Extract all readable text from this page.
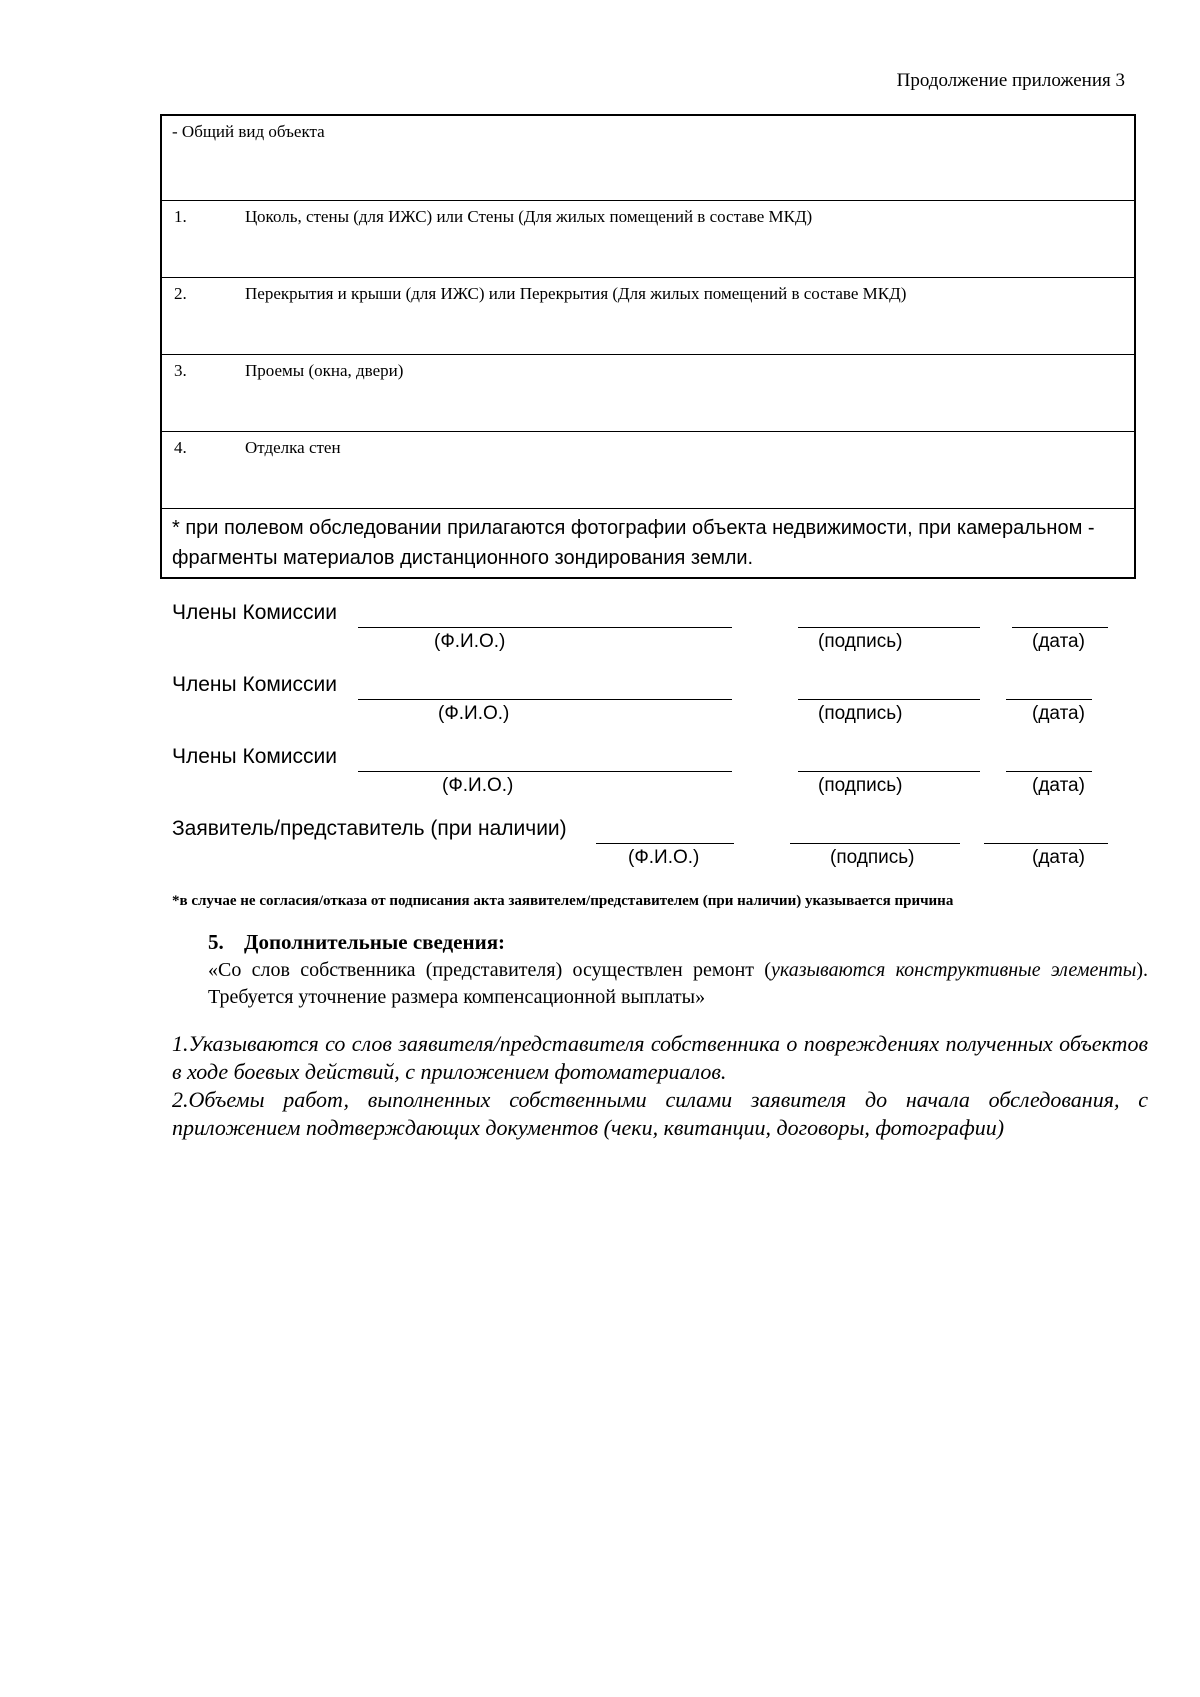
Продолжение приложения 3
- Общий вид объекта

1.	Цоколь, стены (для ИЖС) или Стены (Для жилых помещений в составе МКД)

2.	Перекрытия и крыши (для ИЖС) или Перекрытия (Для жилых помещений в составе МКД)

3.	Проемы (окна, двери)

4.	Отделка стен

* при полевом обследовании прилагаются фотографии объекта недвижимости, при камеральном - фрагменты материалов дистанционного зондирования земли.
Члены Комиссии
(Ф.И.О.)	(подпись)	(дата)
Члены Комиссии
(Ф.И.О.)	(подпись)	(дата)
Члены Комиссии
(Ф.И.О.)	(подпись)	(дата)
Заявитель/представитель (при наличии)
(Ф.И.О.)	(подпись)	(дата)
*в случае не согласия/отказа от подписания акта заявителем/представителем (при наличии) указывается причина
5. Дополнительные сведения:
«Со слов собственника (представителя) осуществлен ремонт (указываются конструктивные элементы). Требуется уточнение размера компенсационной выплаты»

1.Указываются со слов заявителя/представителя собственника о повреждениях полученных объектов в ходе боевых действий, с приложением фотоматериалов.

2.Объемы работ, выполненных собственными силами заявителя до начала обследования, с приложением подтверждающих документов (чеки, квитанции, договоры, фотографии)
